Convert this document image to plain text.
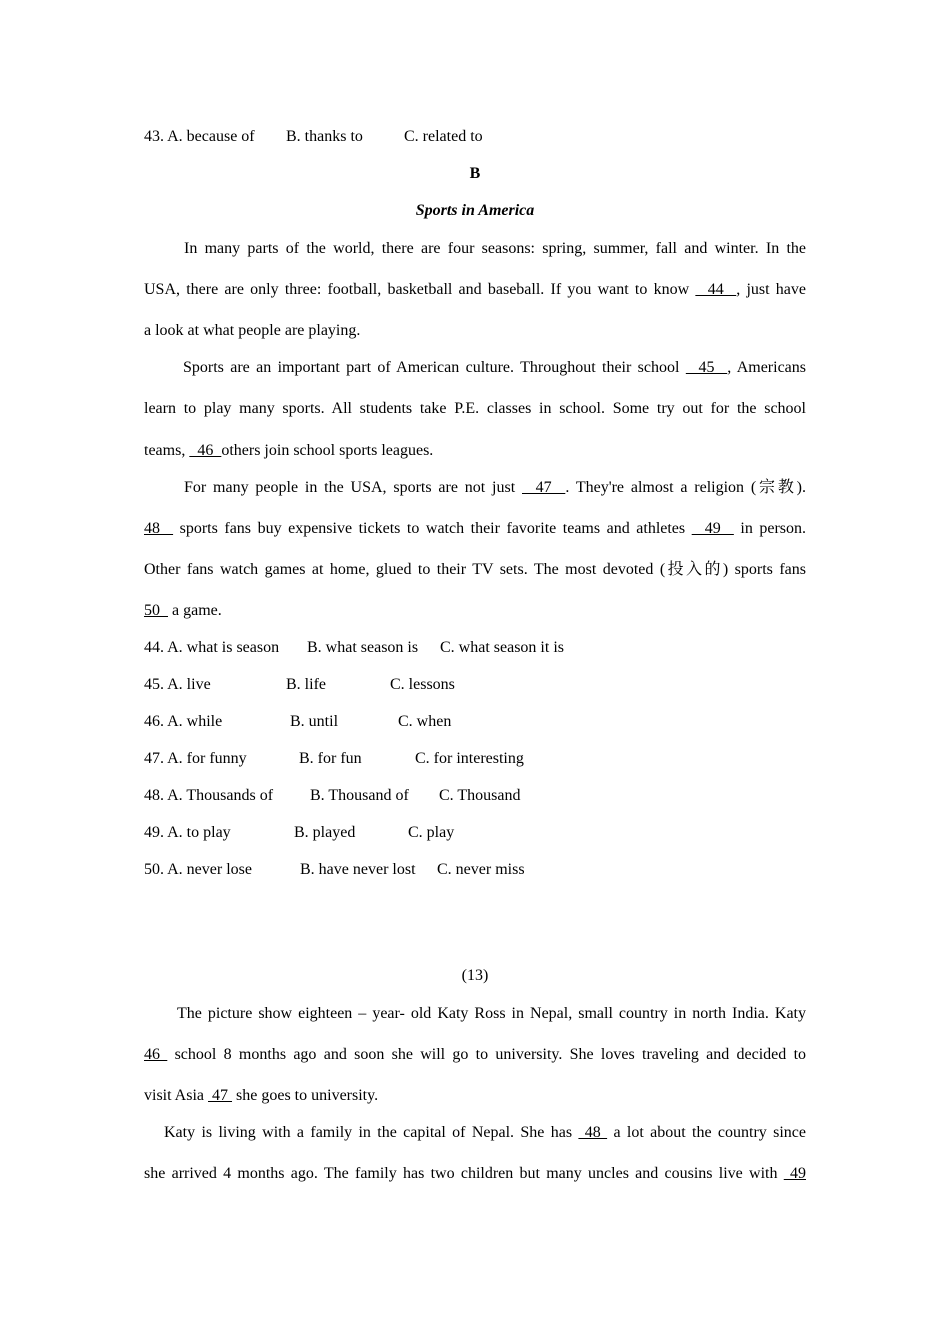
43. A. because of B. thanks to	C. related to
B
Sports in America
In many parts of the world, there are four seasons: spring, summer, fall and winter. In the
USA, there are only three: football, basketball and baseball. If you want to know   44  , just have
a look at what people are playing.
Sports are an important part of American culture. Throughout their school   45  , Americans
learn to play many sports. All students take P.E. classes in school. Some try out for the school
teams,   46  others join school sports leagues.
For many people in the USA, sports are not just   47  . They're almost a religion (宗教).
48   sports fans buy expensive tickets to watch their favorite teams and athletes   49   in person.
Other fans watch games at home, glued to their TV sets. The most devoted (投入的) sports fans
50   a game.
44. A. what is season B. what season is C. what season it is
45. A. live	B. life	C. lessons
46. A. while	B. until	C. when
47. A. for funny	B. for fun	C. for interesting
48. A. Thousands of B. Thousand of C. Thousand
49. A. to play	B. played	C. play
50. A. never lose	B. have never lost C. never miss
(13)
The picture show eighteen – year- old Katy Ross in Nepal, small country in north India. Katy
46  school 8 months ago and soon she will go to university. She loves traveling and decided to
visit Asia  47  she goes to university.
Katy is living with a family in the capital of Nepal. She has  48  a lot about the country since
she arrived 4 months ago. The family has two children but many uncles and cousins live with  49
